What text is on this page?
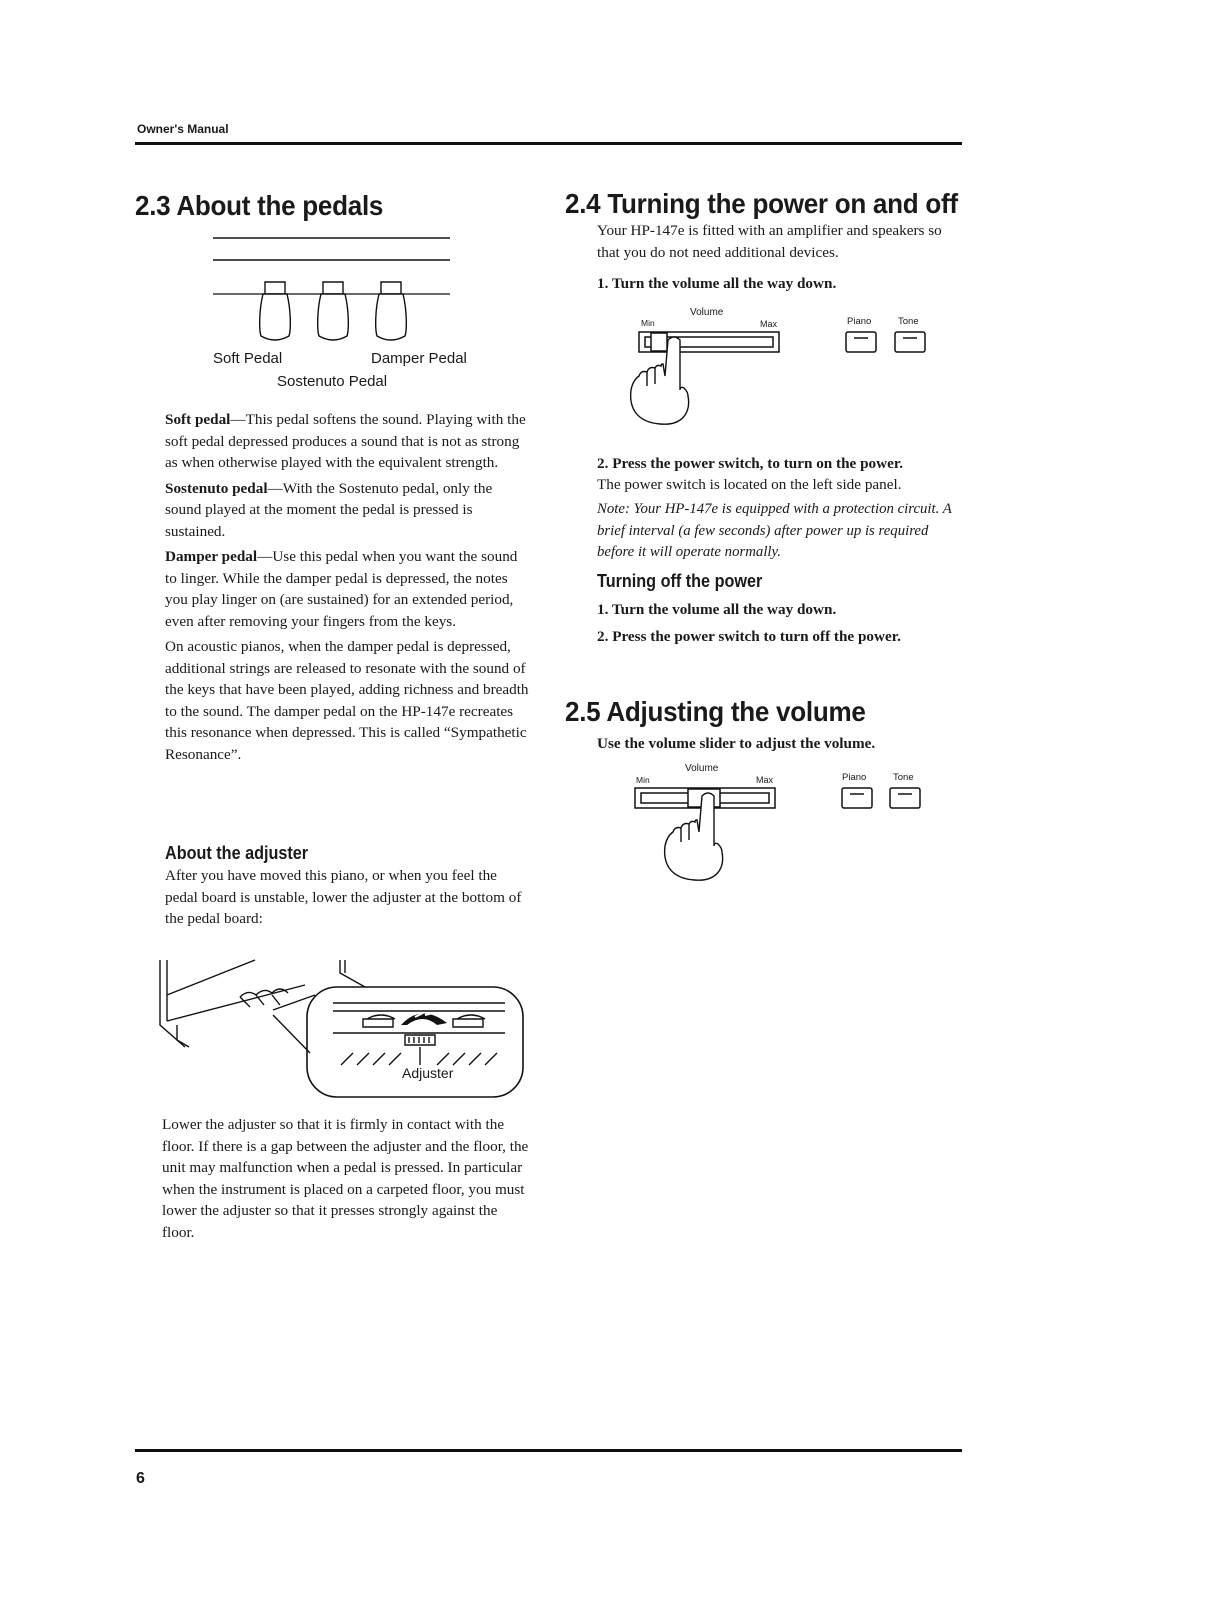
Owner's Manual
2.3 About the pedals
Soft Pedal	Damper Pedal
Sostenuto Pedal

Soft pedal—This pedal softens the sound. Playing with the soft pedal depressed produces a sound that is not as strong as when otherwise played with the equivalent strength.

Sostenuto pedal—With the Sostenuto pedal, only the sound played at the moment the pedal is pressed is sustained.

Damper pedal—Use this pedal when you want the sound to linger. While the damper pedal is depressed, the notes you play linger on (are sustained) for an extended period, even after removing your fingers from the keys.

On acoustic pianos, when the damper pedal is depressed, additional strings are released to resonate with the sound of the keys that have been played, adding richness and breadth to the sound. The damper pedal on the HP-147e recreates this resonance when depressed. This is called “Sympathetic Resonance”.

About the adjuster
After you have moved this piano, or when you feel the pedal board is unstable, lower the adjuster at the bottom of the pedal board:
Adjuster
Lower the adjuster so that it is firmly in contact with the floor. If there is a gap between the adjuster and the floor, the unit may malfunction when a pedal is pressed. In particular when the instrument is placed on a carpeted floor, you must lower the adjuster so that it presses strongly against the floor.
2.4 Turning the power on and off
Your HP-147e is fitted with an amplifier and speakers so that you do not need additional devices.
1. Turn the volume all the way down.
Volume
Min	Max	Piano	Tone
2. Press the power switch, to turn on the power.
The power switch is located on the left side panel.
Note: Your HP-147e is equipped with a protection circuit. A brief interval (a few seconds) after power up is required before it will operate normally.
Turning off the power
1. Turn the volume all the way down.
2. Press the power switch to turn off the power.
2.5 Adjusting the volume
Use the volume slider to adjust the volume.
Volume
Min	Max	Piano	Tone
6
